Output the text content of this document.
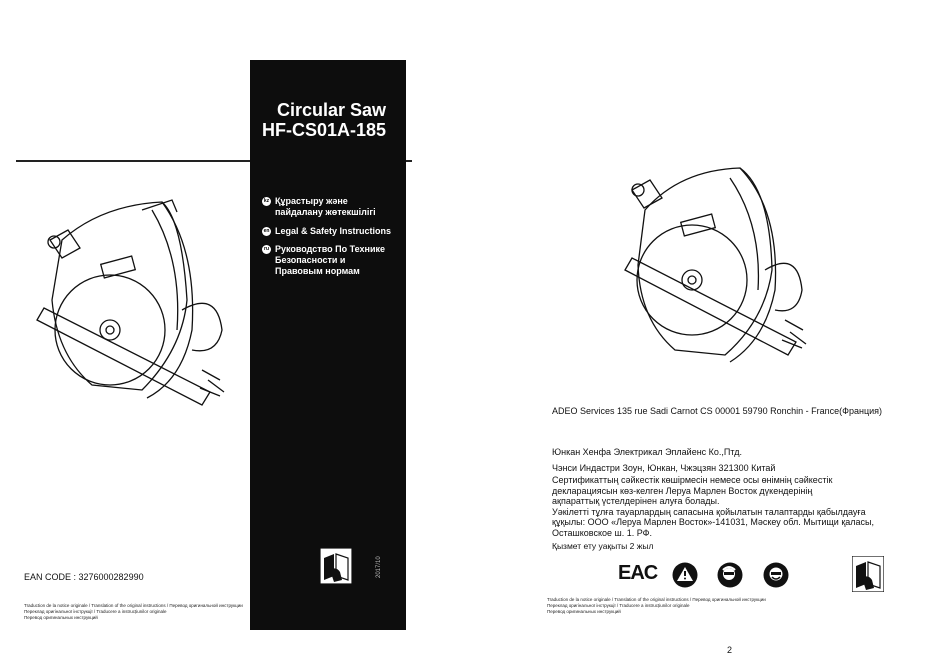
Circular Saw
HF-CS01A-185
kz Құрастыру және пайдалану жөтекшілігі
en Legal & Safety Instructions
ru Руководство По Технике Безопасности и Правовым нормам
2017/10
EAN CODE : 3276000282990
Traduction de la notice originale / Translation of the original instructions / Перевод оригинальной инструкции
Переклад оригінальної інструкції / Traducere a instrucțiunilor originale
Перевод оригинальных инструкций
ADEO Services 135 rue Sadi Carnot CS 00001 59790 Ronchin - France(Франция)
Юнкан Хенфа Электрикал Эплайенс Ко.,Птд.
Чэнси Индастри Зоун, Юнкан, Чжэцзян 321300 Китай
Сертификаттың сәйкестік көшірмесін немесе осы өнімнің сәйкестік
декларациясын көз-келген Леруа Марлен Восток дүкендерінің
ақпараттық үстелдерінен алуға болады.
Уәкілетті тұлға тауарлардың сапасына қойылатын талаптарды қабылдауға
құқылы: ООО «Леруа Марлен Восток»-141031, Мәскеу обл. Мытищи қаласы,
Осташковское ш. 1. РФ.
Қызмет ету уақыты 2 жыл
EAC
Traduction de la notice originale / Translation of the original instructions / Перевод оригинальной инструкции
Переклад оригінальної інструкції / Traducere a instrucțiunilor originale
Перевод оригинальных инструкций
2
